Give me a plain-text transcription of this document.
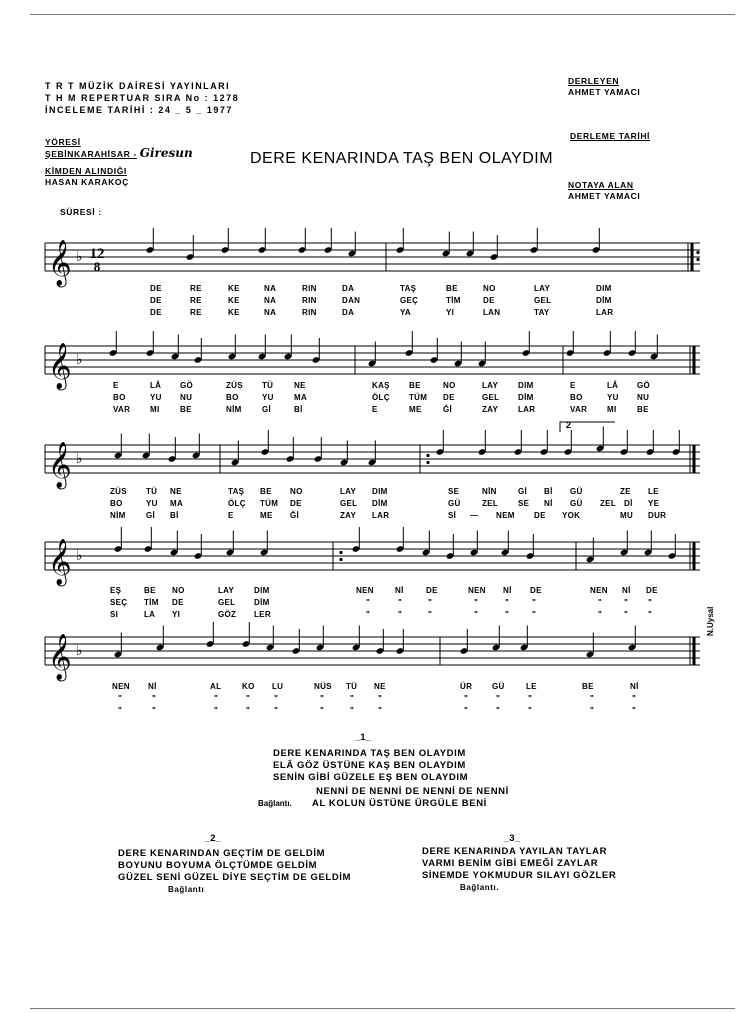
T R T MÜZİK DAİRESİ YAYINLARI
T H M REPERTUAR SIRA No : 1278
İNCELEME TARİHİ : 24 _ 5 _ 1977
DERLEYEN
AHMET YAMACI
DERLEME TARİHİ
NOTAYA ALAN
AHMET YAMACI
YÖRESİ
ŞEBİNKARAHİSAR - Giresun
KİMDEN ALINDIĞI
HASAN KARAKOÇ
SÜRESİ :
DERE KENARINDA TAŞ BEN OLAYDIM
𝄞 ♭
𝄞 ♭
𝄞 ♭
𝄞 ♭
𝄞 ♭
12
8
2
DE	RE	KE	NA	RIN	DA	TAŞ	BE	NO	LAY	DIM
DE	RE	KE	NA	RIN	DAN	GEÇ	TİM	DE	GEL	DİM
DE	RE	KE	NA	RIN	DA	YA	YI	LAN	TAY	LAR
E	LÂ GÖ	ZÜS TÜ	NE	KAŞ BE	NO	LAY DIM	E	LÂ GÖ
BO	YU NU	BO	YU	MA	ÖLÇ TÜM DE	GEL DİM	BO	YU NU
VAR MI	BE	NİM	Gİ	Bİ	E	ME	Ğİ	ZAY LAR	VAR MI	BE
ZÜS TÜ NE	TAŞ BE NO	LAY DIM	SE	NİN	Gİ Bİ GÜ	ZE LE
BO	YU MA	ÖLÇ TÜM DE	GEL DİM	GÜ	ZEL SE Nİ GÜ ZEL Dİ YE
NİM	Gİ Bİ	E	ME Ğİ	ZAY LAR	Sİ — NEM DE YOK	MU DUR
EŞ	BE NO	LAY DIM	NEN	Nİ	DE	NEN Nİ DE	NEN Nİ DE
SEÇ TİM DE	GEL DİM	"	"	"	"	"	"	"	" "
SI	LA YI	GÖZ LER	"	"	"	"	"	"	"	" "
NEN Nİ	AL	KO LU	NÜS TÜ NE	ÜR GÜ	LE	BE	Nİ
"	"	"	"	"	"	"	"	"	"	"	"	"
"	"	"	"	"	"	"	"	"	"	"	"	"
N.Uysal
_1_
DERE KENARINDA TAŞ BEN OLAYDIM
ELÂ GÖZ ÜSTÜNE KAŞ BEN OLAYDIM
SENİN GİBİ GÜZELE EŞ BEN OLAYDIM
Bağlantı.
NENNİ DE NENNİ DE NENNİ DE NENNİ
AL KOLUN ÜSTÜNE ÜRGÜLE BENİ
_2_
DERE KENARINDAN GEÇTİM DE GELDİM
BOYUNU BOYUMA ÖLÇTÜMDE GELDİM
GÜZEL SENİ GÜZEL DİYE SEÇTİM DE GELDİM
Bağlantı
_3_
DERE KENARINDA YAYILAN TAYLAR
VARMI BENİM GİBİ EMEĞİ ZAYLAR
SİNEMDE YOKMUDUR SILAYI GÖZLER
Bağlantı.
